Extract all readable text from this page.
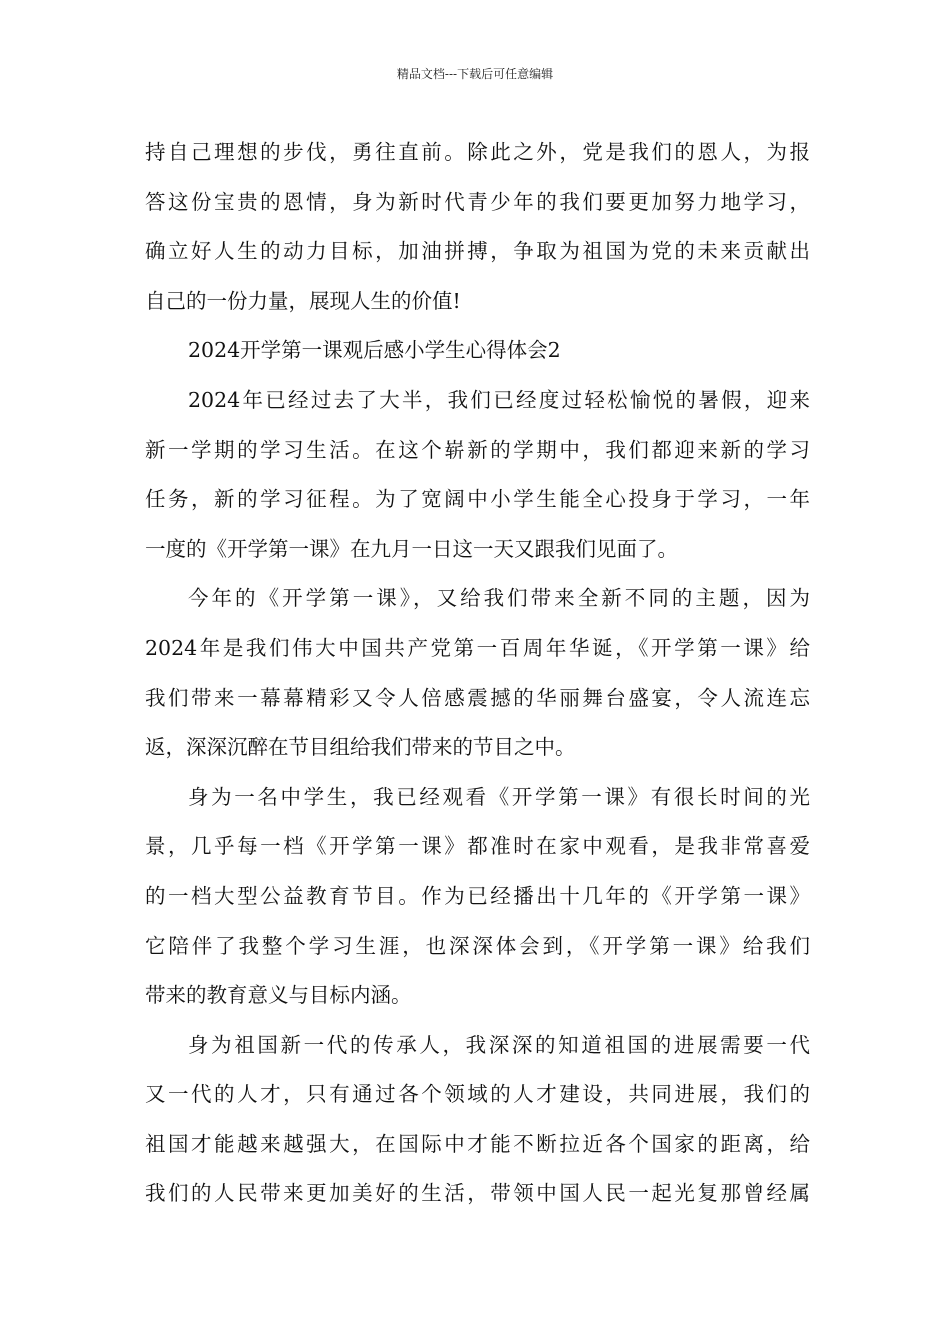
精品文档---下载后可任意编辑
持自己理想的步伐，勇往直前。除此之外，党是我们的恩人，为报
答这份宝贵的恩情，身为新时代青少年的我们要更加努力地学习，
确立好人生的动力目标，加油拼搏，争取为祖国为党的未来贡献出
自己的一份力量，展现人生的价值!
2024开学第一课观后感小学生心得体会2
2024年已经过去了大半，我们已经度过轻松愉悦的暑假，迎来
新一学期的学习生活。在这个崭新的学期中，我们都迎来新的学习
任务，新的学习征程。为了宽阔中小学生能全心投身于学习，一年
一度的《开学第一课》在九月一日这一天又跟我们见面了。
今年的《开学第一课》，又给我们带来全新不同的主题，因为
2024年是我们伟大中国共产党第一百周年华诞，《开学第一课》给
我们带来一幕幕精彩又令人倍感震撼的华丽舞台盛宴，令人流连忘
返，深深沉醉在节目组给我们带来的节目之中。
身为一名中学生，我已经观看《开学第一课》有很长时间的光
景，几乎每一档《开学第一课》都准时在家中观看，是我非常喜爱
的一档大型公益教育节目。作为已经播出十几年的《开学第一课》
它陪伴了我整个学习生涯，也深深体会到，《开学第一课》给我们
带来的教育意义与目标内涵。
身为祖国新一代的传承人，我深深的知道祖国的进展需要一代
又一代的人才，只有通过各个领域的人才建设，共同进展，我们的
祖国才能越来越强大，在国际中才能不断拉近各个国家的距离，给
我们的人民带来更加美好的生活，带领中国人民一起光复那曾经属
